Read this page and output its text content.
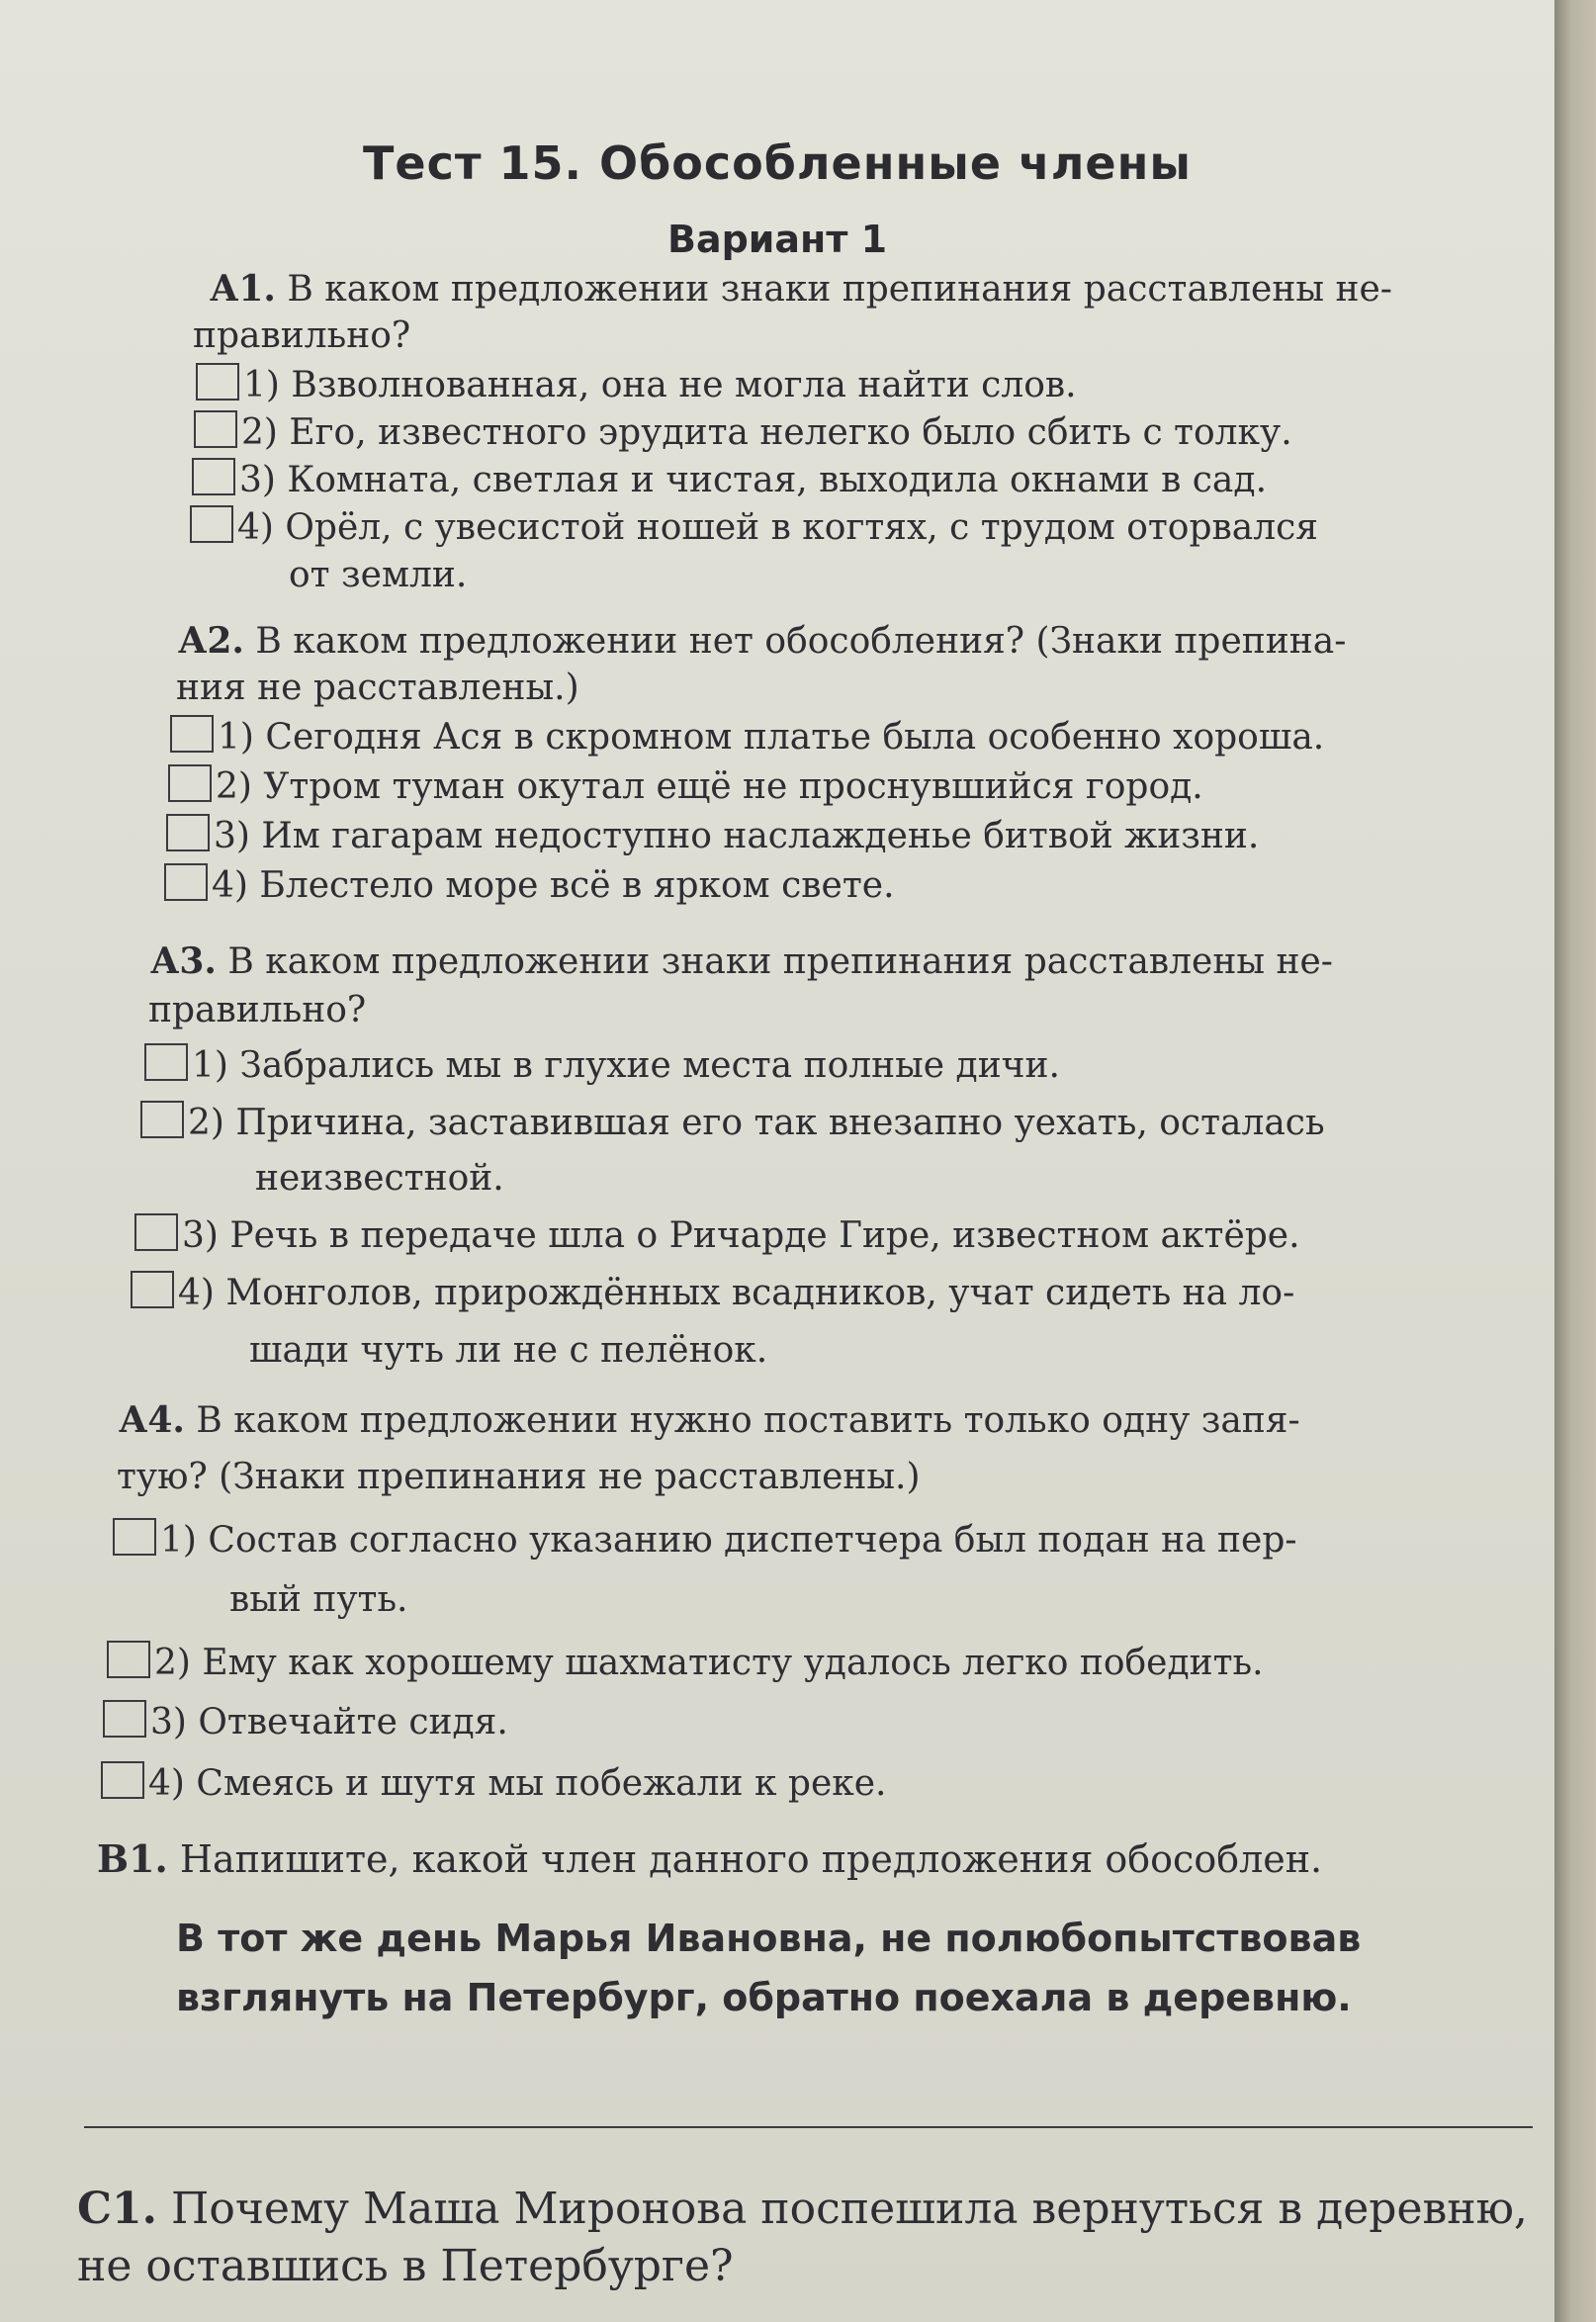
Тест 15. Обособленные члены
Вариант 1
А1. В каком предложении знаки препинания расставлены не-
правильно?
1) Взволнованная, она не могла найти слов.
2) Его, известного эрудита нелегко было сбить с толку.
3) Комната, светлая и чистая, выходила окнами в сад.
4) Орёл, с увесистой ношей в когтях, с трудом оторвался
от земли.
А2. В каком предложении нет обособления? (Знаки препина-
ния не расставлены.)
1) Сегодня Ася в скромном платье была особенно хороша.
2) Утром туман окутал ещё не проснувшийся город.
3) Им гагарам недоступно наслажденье битвой жизни.
4) Блестело море всё в ярком свете.
А3. В каком предложении знаки препинания расставлены не-
правильно?
1) Забрались мы в глухие места полные дичи.
2) Причина, заставившая его так внезапно уехать, осталась
неизвестной.
3) Речь в передаче шла о Ричарде Гире, известном актёре.
4) Монголов, прирождённых всадников, учат сидеть на ло-
шади чуть ли не с пелёнок.
А4. В каком предложении нужно поставить только одну запя-
тую? (Знаки препинания не расставлены.)
1) Состав согласно указанию диспетчера был подан на пер-
вый путь.
2) Ему как хорошему шахматисту удалось легко победить.
3) Отвечайте сидя.
4) Смеясь и шутя мы побежали к реке.
В1. Напишите, какой член данного предложения обособлен.
В тот же день Марья Ивановна, не полюбопытствовав
взглянуть на Петербург, обратно поехала в деревню.
С1. Почему Маша Миронова поспешила вернуться в деревню,
не оставшись в Петербурге?
